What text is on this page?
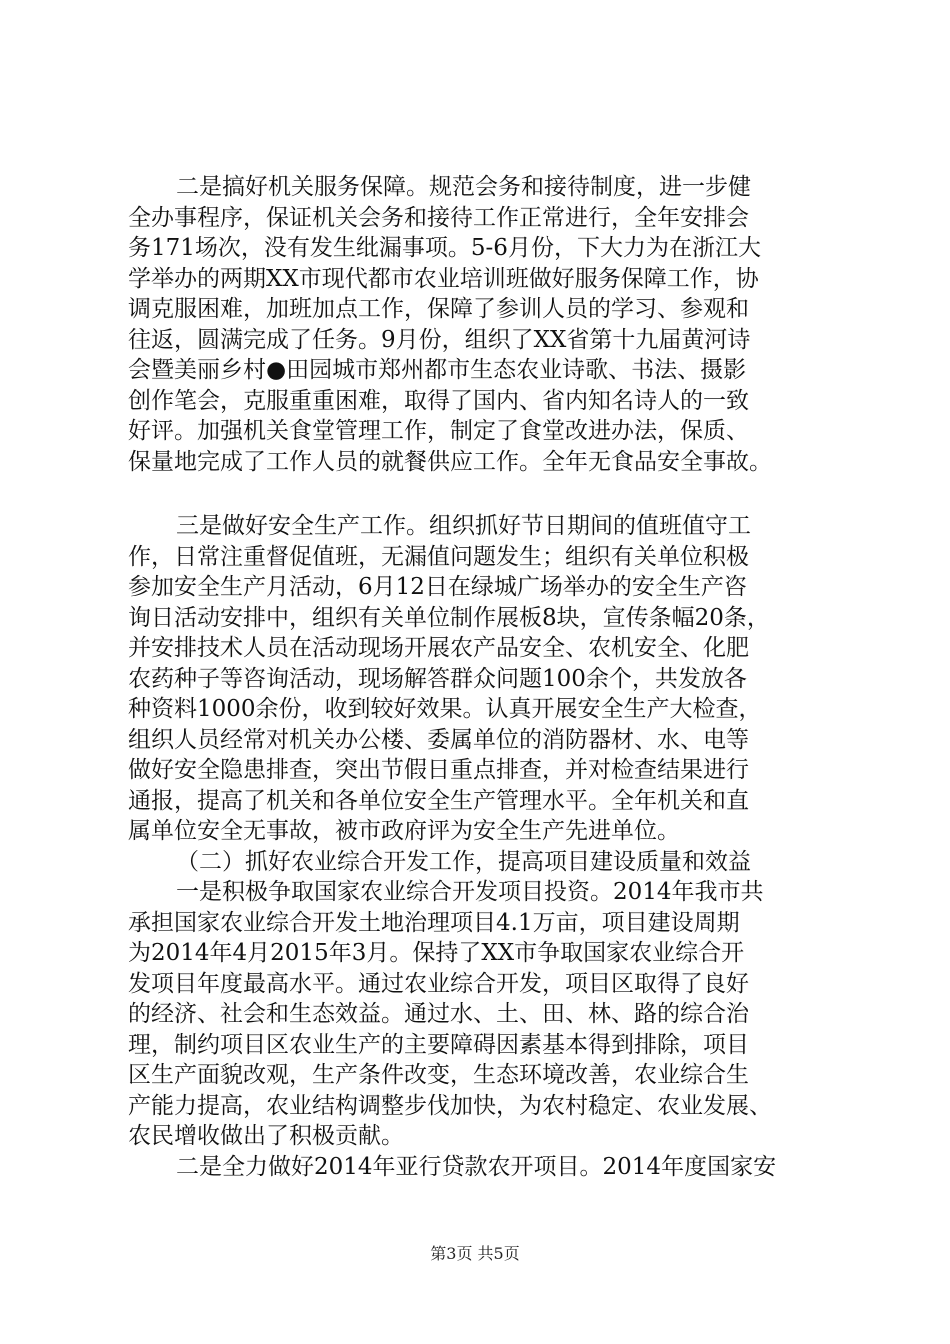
二是搞好机关服务保障。规范会务和接待制度，进一步健
全办事程序，保证机关会务和接待工作正常进行，全年安排会
务171场次，没有发生纰漏事项。5-6月份，下大力为在浙江大
学举办的两期XX市现代都市农业培训班做好服务保障工作，协
调克服困难，加班加点工作，保障了参训人员的学习、参观和
往返，圆满完成了任务。9月份，组织了XX省第十九届黄河诗
会暨美丽乡村●田园城市郑州都市生态农业诗歌、书法、摄影
创作笔会，克服重重困难，取得了国内、省内知名诗人的一致
好评。加强机关食堂管理工作，制定了食堂改进办法，保质、
保量地完成了工作人员的就餐供应工作。全年无食品安全事故。
三是做好安全生产工作。组织抓好节日期间的值班值守工
作，日常注重督促值班，无漏值问题发生；组织有关单位积极
参加安全生产月活动，6月12日在绿城广场举办的安全生产咨
询日活动安排中，组织有关单位制作展板8块，宣传条幅20条，
并安排技术人员在活动现场开展农产品安全、农机安全、化肥
农药种子等咨询活动，现场解答群众问题100余个，共发放各
种资料1000余份，收到较好效果。认真开展安全生产大检查，
组织人员经常对机关办公楼、委属单位的消防器材、水、电等
做好安全隐患排查，突出节假日重点排查，并对检查结果进行
通报，提高了机关和各单位安全生产管理水平。全年机关和直
属单位安全无事故，被市政府评为安全生产先进单位。
（二）抓好农业综合开发工作，提高项目建设质量和效益
一是积极争取国家农业综合开发项目投资。2014年我市共
承担国家农业综合开发土地治理项目4.1万亩，项目建设周期
为2014年4月2015年3月。保持了XX市争取国家农业综合开
发项目年度最高水平。通过农业综合开发，项目区取得了良好
的经济、社会和生态效益。通过水、土、田、林、路的综合治
理，制约项目区农业生产的主要障碍因素基本得到排除，项目
区生产面貌改观，生产条件改变，生态环境改善，农业综合生
产能力提高，农业结构调整步伐加快，为农村稳定、农业发展、
农民增收做出了积极贡献。
二是全力做好2014年亚行贷款农开项目。2014年度国家安
第3页 共5页
